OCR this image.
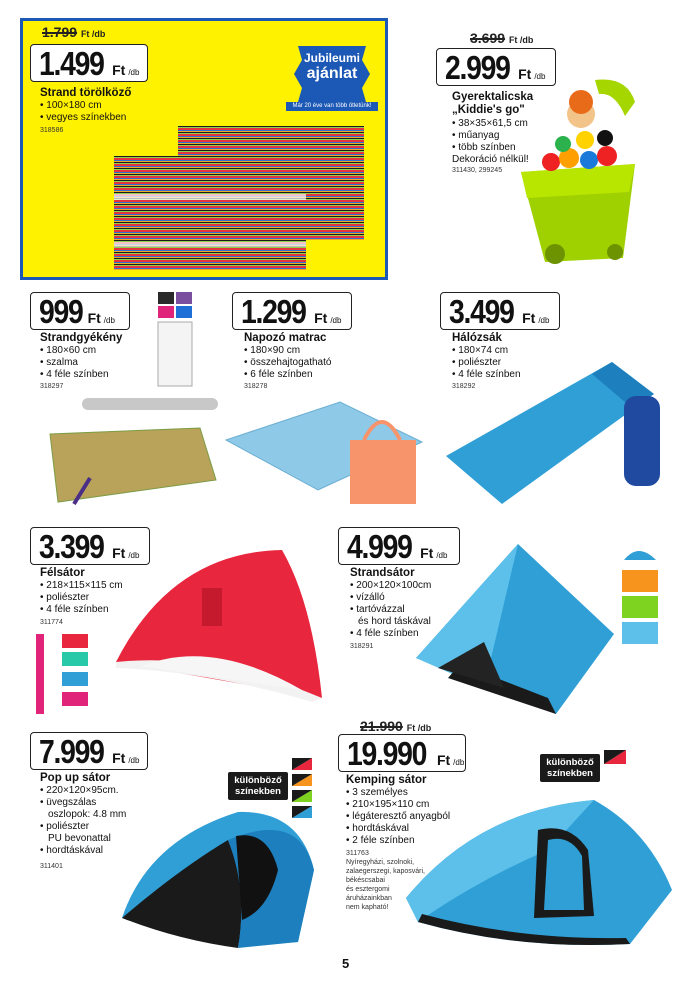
1.799 Ft /db
1.499 Ft /db
Strand törölköző
• 100×180 cm
• vegyes színekben
318586
Jubileumi
ajánlat
Már 20 éve van több ötletünk!
3.699 Ft /db
2.999 Ft /db
Gyerektalicska
„Kiddie's go"
• 38×35×61,5 cm
• műanyag
• több színben
Dekoráció nélkül!
311430, 299245
999 Ft /db
Strandgyékény
• 180×60 cm
• szalma
• 4 féle színben
318297
1.299 Ft /db
Napozó matrac
• 180×90 cm
• összehajtogatható
• 6 féle színben
318278
3.499 Ft /db
Hálózsák
• 180×74 cm
• poliészter
• 4 féle színben
318292
3.399 Ft /db
Félsátor
• 218×115×115 cm
• poliészter
• 4 féle színben
311774
4.999 Ft /db
Strandsátor
• 200×120×100cm
• vízálló
• tartóvázzal
és hord táskával
• 4 féle színben
318291
7.999 Ft /db
Pop up sátor
• 220×120×95cm.
• üvegszálas
oszlopok: 4.8 mm
• poliészter
PU bevonattal
• hordtáskával
311401
különböző
színekben
21.990 Ft /db
19.990 Ft /db
Kemping sátor
• 3 személyes
• 210×195×110 cm
• légáteresztő anyagból
• hordtáskával
• 2 féle színben
311763
Nyíregyházi, szolnoki,
zalaegerszegi, kaposvári,
békéscsabai
és esztergomi
áruházainkban
nem kapható!
különböző
színekben
5
